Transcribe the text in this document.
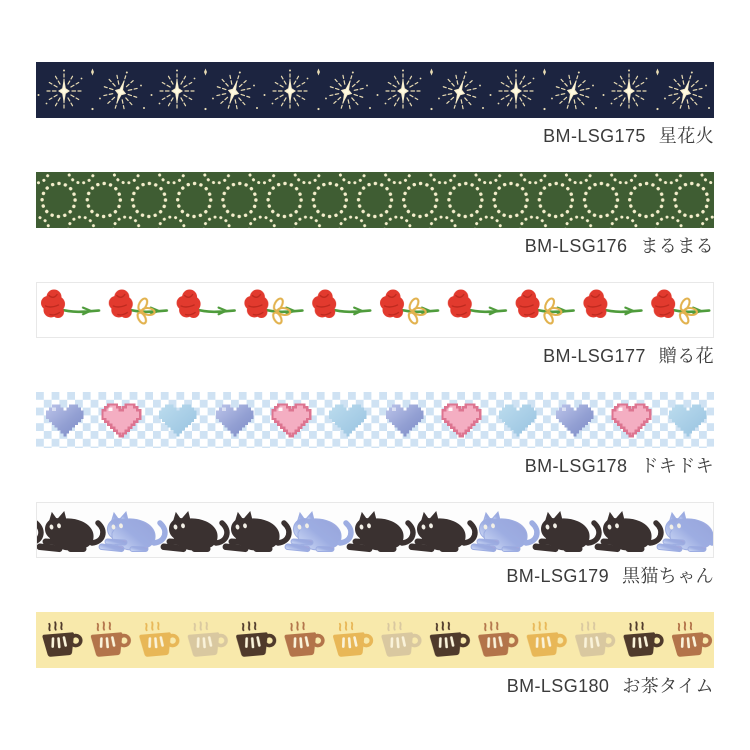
BM-LSG175 星花火
BM-LSG176 まるまる
BM-LSG177 贈る花
BM-LSG178 ドキドキ
BM-LSG179 黒猫ちゃん
BM-LSG180 お茶タイム
